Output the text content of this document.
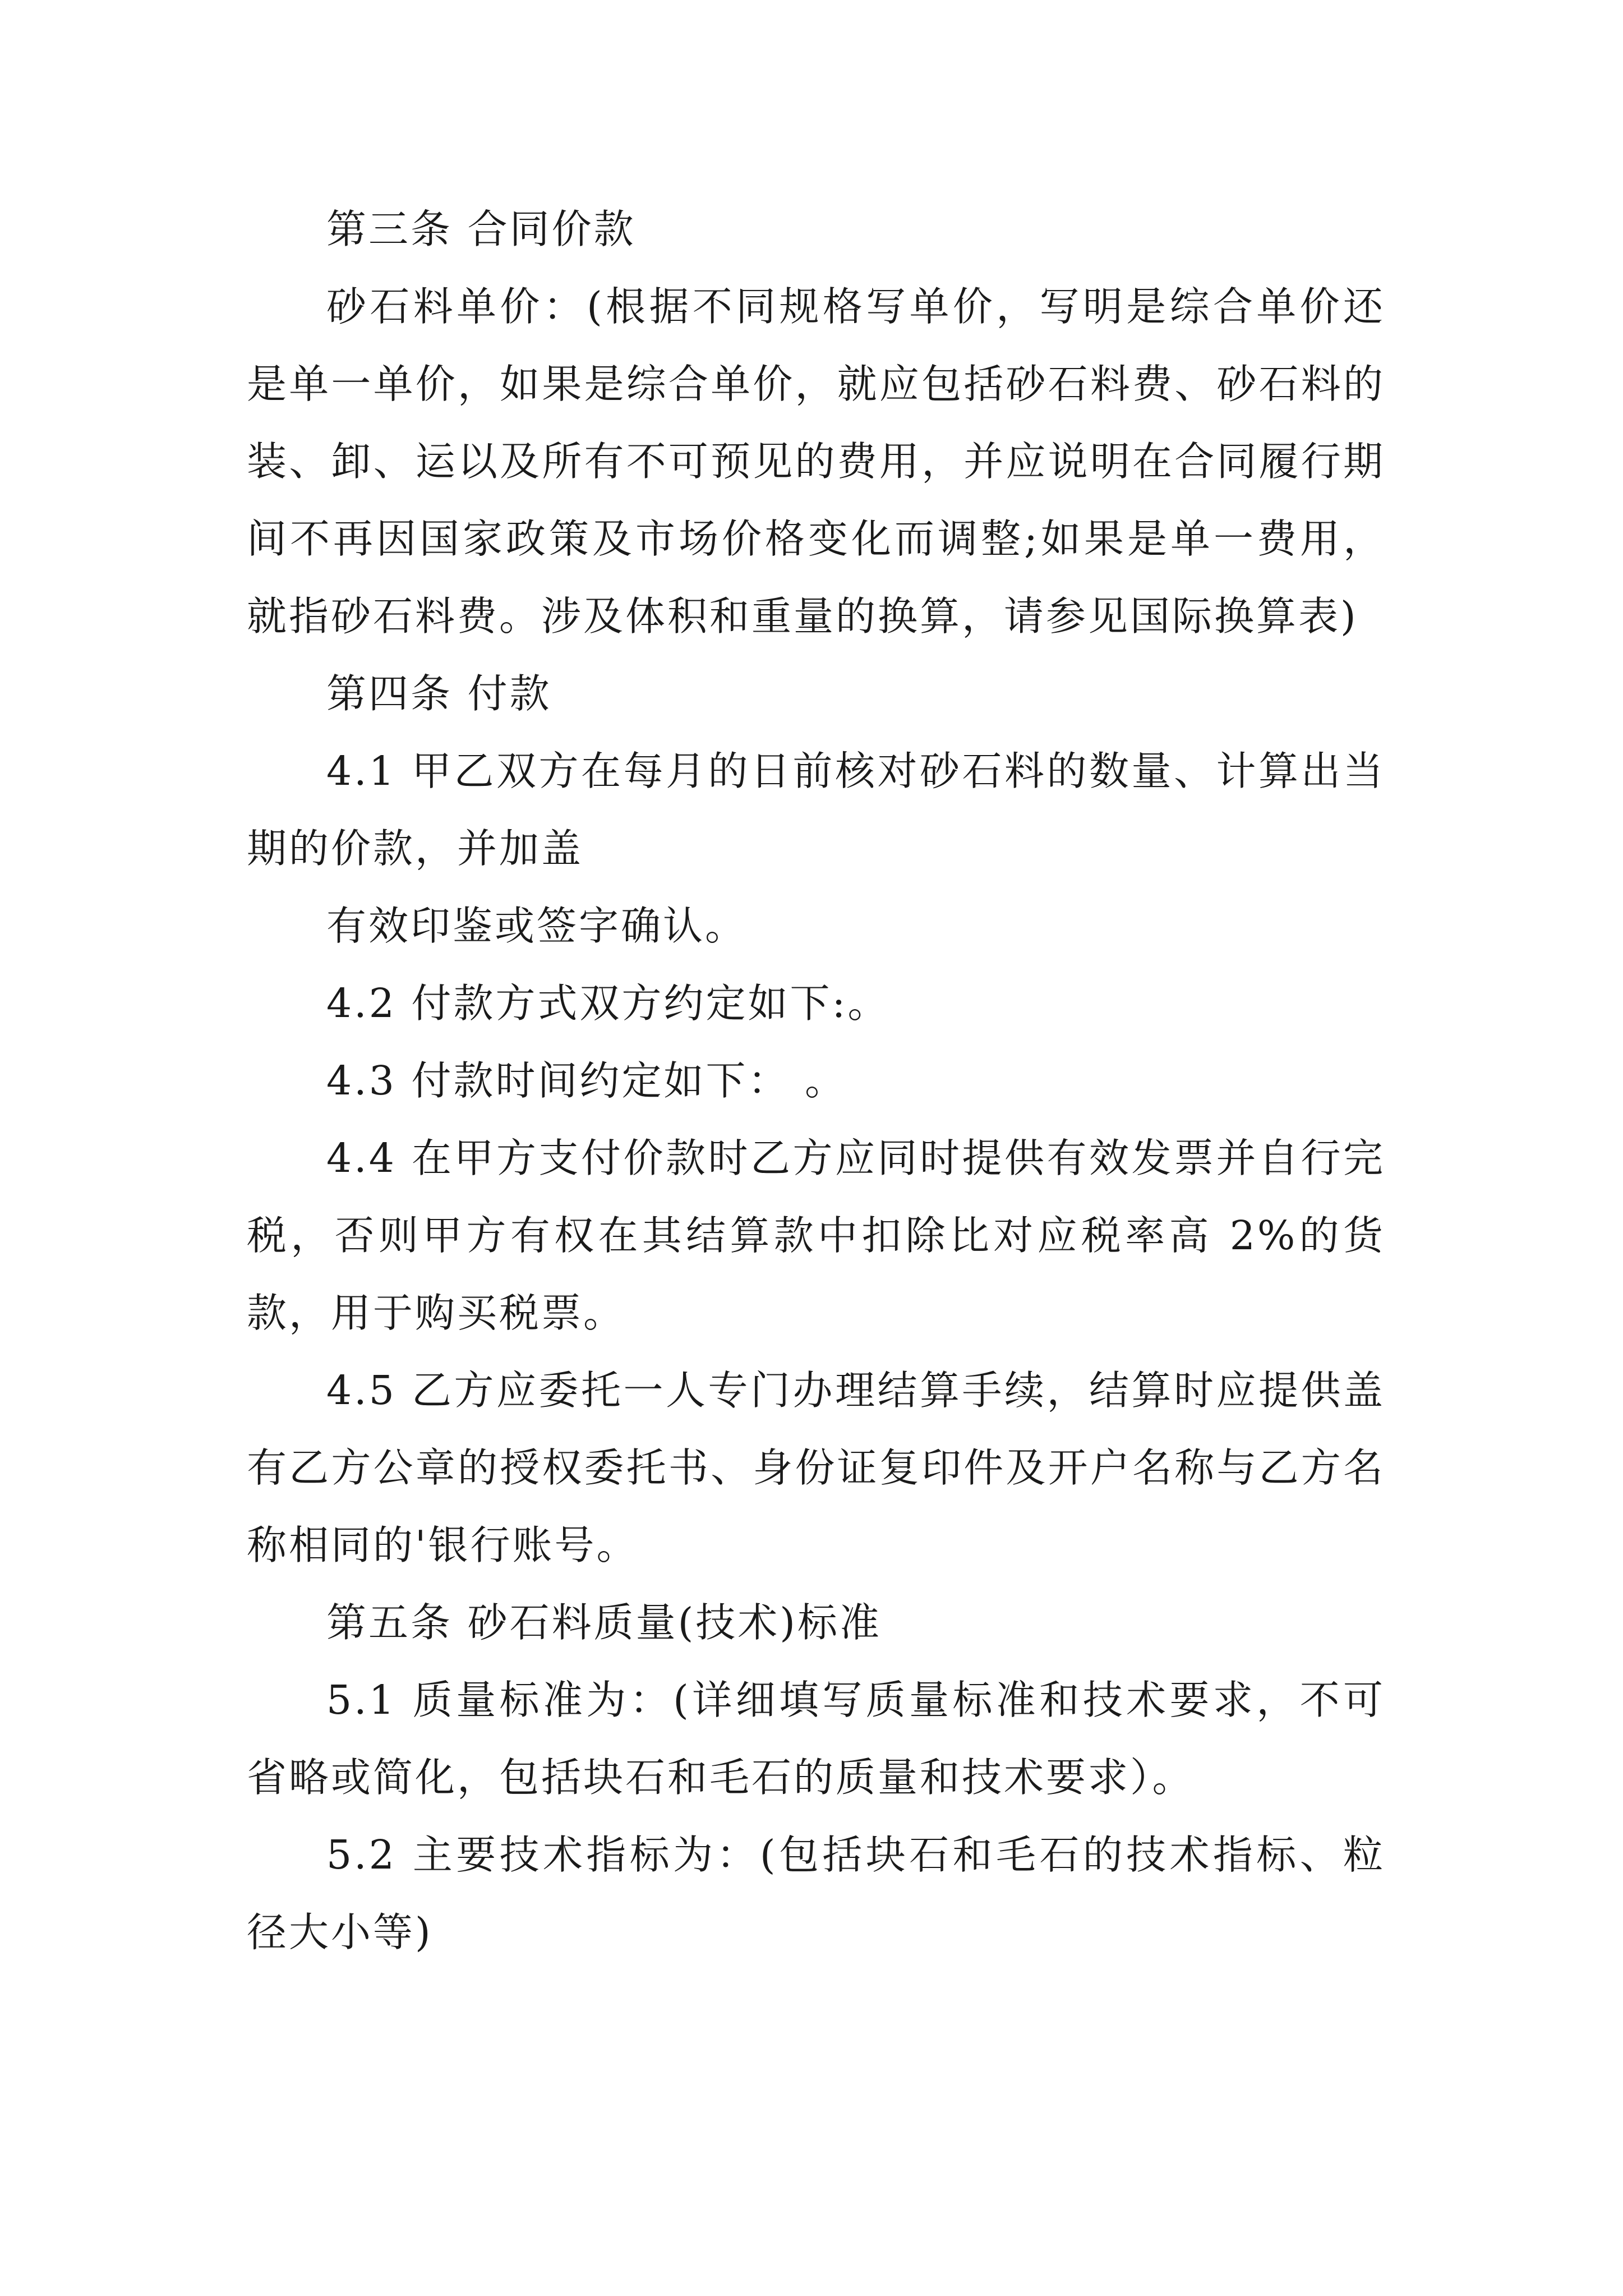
第三条 合同价款

砂石料单价：(根据不同规格写单价，写明是综合单价还是单一单价，如果是综合单价，就应包括砂石料费、砂石料的装、卸、运以及所有不可预见的费用，并应说明在合同履行期间不再因国家政策及市场价格变化而调整;如果是单一费用，就指砂石料费。涉及体积和重量的换算，请参见国际换算表)

第四条 付款

4.1 甲乙双方在每月的日前核对砂石料的数量、计算出当期的价款，并加盖

有效印鉴或签字确认。

4.2 付款方式双方约定如下:。

4.3 付款时间约定如下： 。

4.4 在甲方支付价款时乙方应同时提供有效发票并自行完税，否则甲方有权在其结算款中扣除比对应税率高 2%的货款，用于购买税票。

4.5 乙方应委托一人专门办理结算手续，结算时应提供盖有乙方公章的授权委托书、身份证复印件及开户名称与乙方名称相同的'银行账号。

第五条 砂石料质量(技术)标准

5.1 质量标准为：(详细填写质量标准和技术要求，不可省略或简化，包括块石和毛石的质量和技术要求）。

5.2 主要技术指标为：(包括块石和毛石的技术指标、粒径大小等)
